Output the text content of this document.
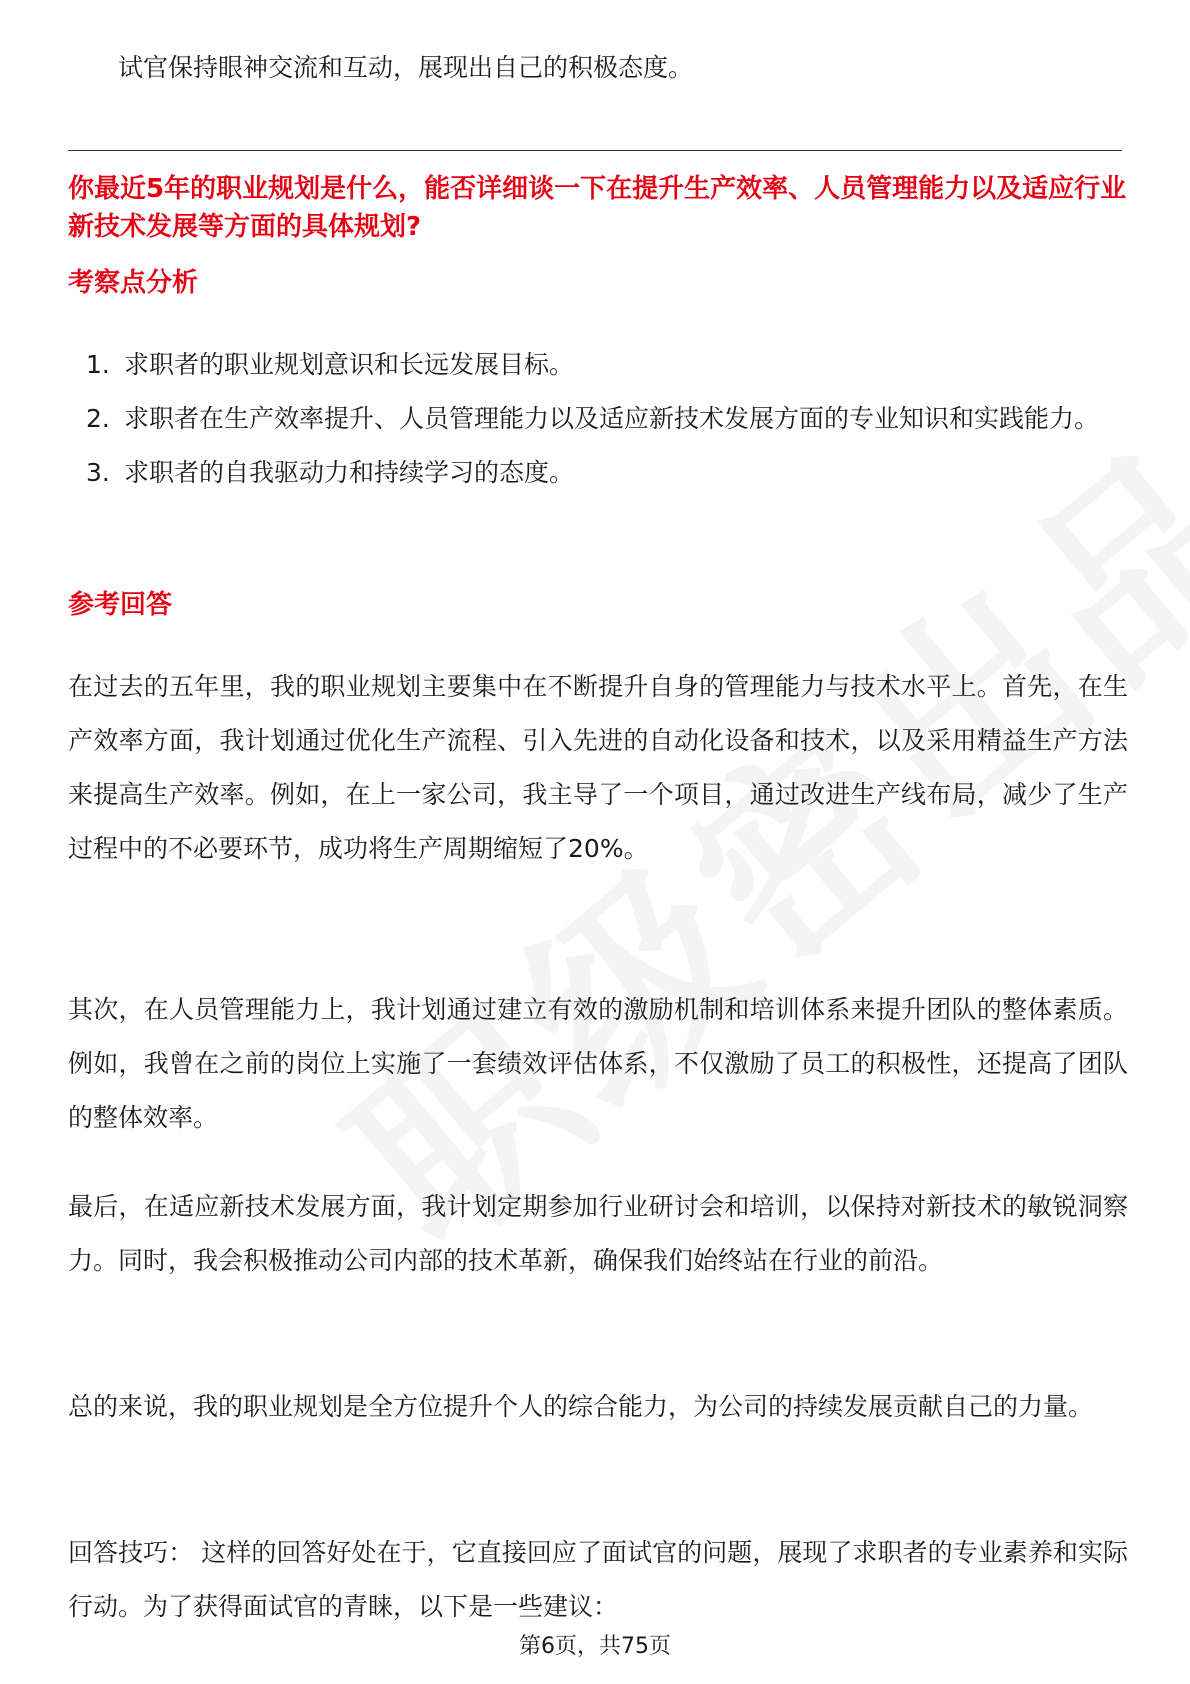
试官保持眼神交流和互动，展现出自己的积极态度。

你最近5年的职业规划是什么，能否详细谈一下在提升生产效率、人员管理能力以及适应行业新技术发展等方面的具体规划?

考察点分析

1. 求职者的职业规划意识和长远发展目标。
2. 求职者在生产效率提升、人员管理能力以及适应新技术发展方面的专业知识和实践能力。
3. 求职者的自我驱动力和持续学习的态度。

参考回答

在过去的五年里，我的职业规划主要集中在不断提升自身的管理能力与技术水平上。首先，在生产效率方面，我计划通过优化生产流程、引入先进的自动化设备和技术，以及采用精益生产方法来提高生产效率。例如，在上一家公司，我主导了一个项目，通过改进生产线布局，减少了生产过程中的不必要环节，成功将生产周期缩短了20%。

其次，在人员管理能力上，我计划通过建立有效的激励机制和培训体系来提升团队的整体素质。例如，我曾在之前的岗位上实施了一套绩效评估体系，不仅激励了员工的积极性，还提高了团队的整体效率。

最后，在适应新技术发展方面，我计划定期参加行业研讨会和培训，以保持对新技术的敏锐洞察力。同时，我会积极推动公司内部的技术革新，确保我们始终站在行业的前沿。

总的来说，我的职业规划是全方位提升个人的综合能力，为公司的持续发展贡献自己的力量。

回答技巧： 这样的回答好处在于，它直接回应了面试官的问题，展现了求职者的专业素养和实际行动。为了获得面试官的青睐，以下是一些建议：

第6页，共75页
